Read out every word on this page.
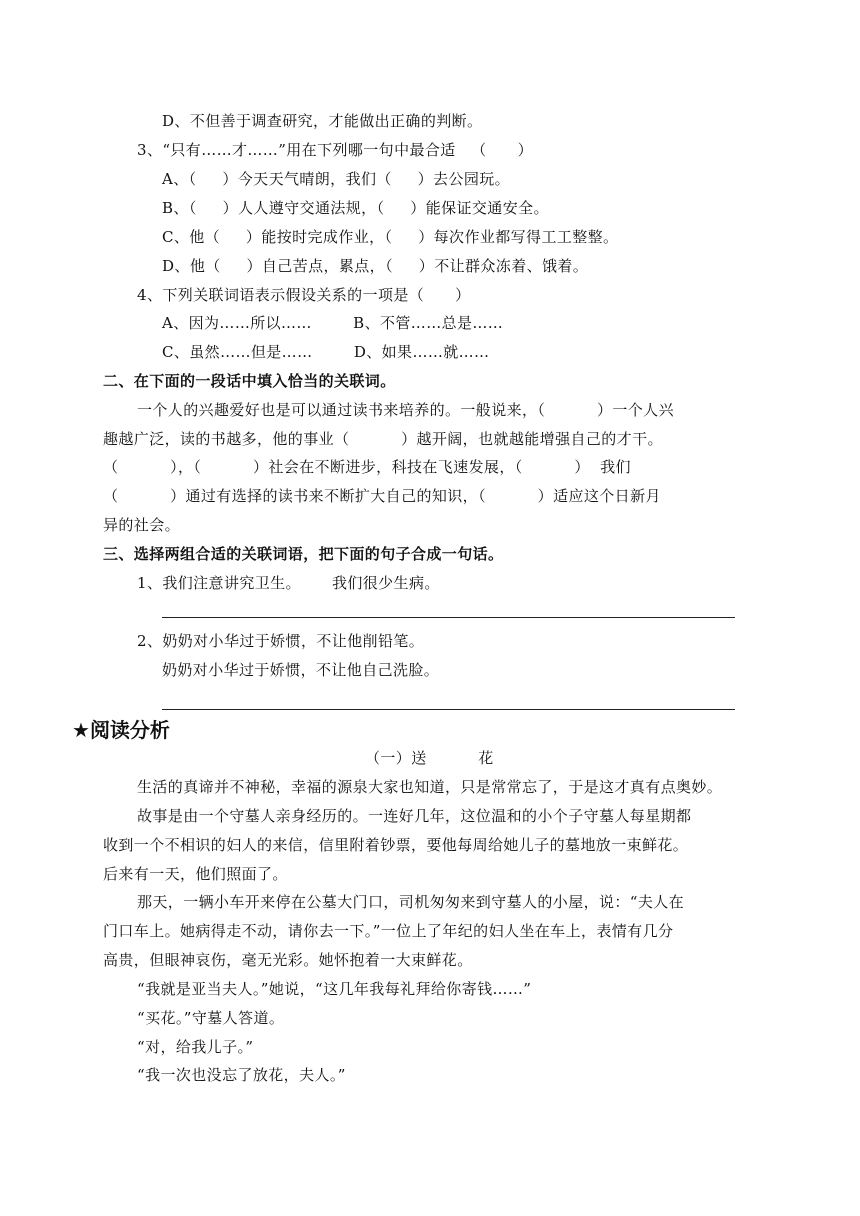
D、不但善于调查研究，才能做出正确的判断。
3、“只有……才……”用在下列哪一句中最合适   （      ）
A、（     ）今天天气晴朗，我们（     ）去公园玩。
B、（     ）人人遵守交通法规，（     ）能保证交通安全。
C、他（     ）能按时完成作业，（     ）每次作业都写得工工整整。
D、他（     ）自己苦点，累点，（     ）不让群众冻着、饿着。
4、下列关联词语表示假设关系的一项是（      ）
A、因为……所以……        B、不管……总是……
C、虽然……但是……        D、如果……就……
二、在下面的一段话中填入恰当的关联词。
一个人的兴趣爱好也是可以通过读书来培养的。一般说来，（          ）一个人兴
趣越广泛，读的书越多，他的事业（          ）越开阔，也就越能增强自己的才干。
（          ），（          ）社会在不断进步，科技在飞速发展，（          ）  我们
（          ）通过有选择的读书来不断扩大自己的知识，（          ）适应这个日新月
异的社会。
三、选择两组合适的关联词语，把下面的句子合成一句话。
1、我们注意讲究卫生。      我们很少生病。
2、奶奶对小华过于娇惯，不让他削铅笔。
奶奶对小华过于娇惯，不让他自己洗脸。
★阅读分析
（一）送          花
生活的真谛并不神秘，幸福的源泉大家也知道，只是常常忘了，于是这才真有点奥妙。
故事是由一个守墓人亲身经历的。一连好几年，这位温和的小个子守墓人每星期都
收到一个不相识的妇人的来信，信里附着钞票，要他每周给她儿子的墓地放一束鲜花。
后来有一天，他们照面了。
那天，一辆小车开来停在公墓大门口，司机匆匆来到守墓人的小屋，说：“夫人在
门口车上。她病得走不动，请你去一下。”一位上了年纪的妇人坐在车上，表情有几分
高贵，但眼神哀伤，毫无光彩。她怀抱着一大束鲜花。
“我就是亚当夫人。”她说，“这几年我每礼拜给你寄钱……”
“买花。”守墓人答道。
“对，给我儿子。”
“我一次也没忘了放花，夫人。”
